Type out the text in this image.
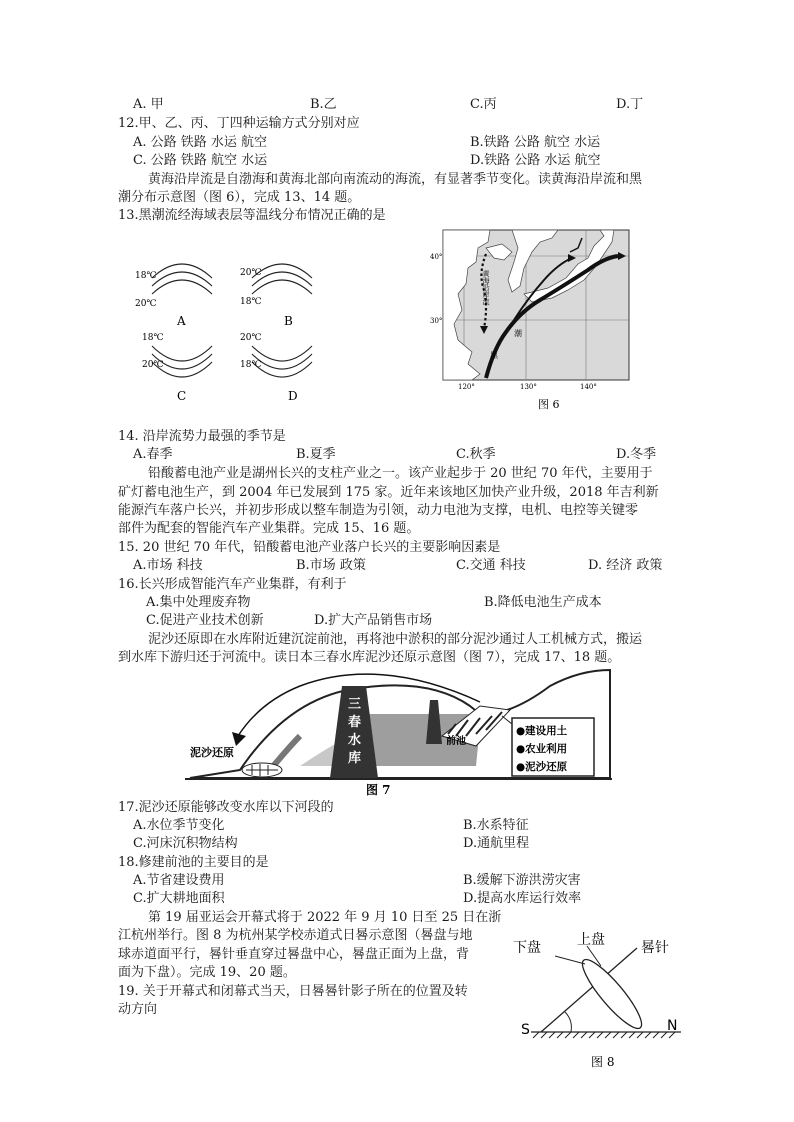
A. 甲	B.乙	C.丙	D.丁
12.甲、乙、丙、丁四种运输方式分别对应
A. 公路 铁路 水运 航空	B.铁路 公路 航空 水运
C. 公路 铁路 航空 水运	D.铁路 公路 水运 航空
黄海沿岸流是自渤海和黄海北部向南流动的海流，有显著季节变化。读黄海沿岸流和黑
潮分布示意图（图 6），完成 13、14 题。
13.黑潮流经海域表层等温线分布情况正确的是
18℃
20℃
A
20℃
18℃
B
18℃
20℃
C
20℃
18℃
D
黄海沿岸流
潮
黑
40°
30°
120°	130°	140°
图 6
14. 沿岸流势力最强的季节是
A.春季	B.夏季	C.秋季	D.冬季
铅酸蓄电池产业是湖州长兴的支柱产业之一。该产业起步于 20 世纪 70 年代，主要用于
矿灯蓄电池生产，到 2004 年已发展到 175 家。近年来该地区加快产业升级，2018 年吉利新
能源汽车落户长兴，并初步形成以整车制造为引领，动力电池为支撑，电机、电控等关键零
部件为配套的智能汽车产业集群。完成 15、16 题。
15. 20 世纪 70 年代，铅酸蓄电池产业落户长兴的主要影响因素是
A.市场 科技	B.市场 政策	C.交通 科技	D. 经济 政策
16.长兴形成智能汽车产业集群，有利于
A.集中处理废弃物	B.降低电池生产成本
C.促进产业技术创新	D.扩大产品销售市场
泥沙还原即在水库附近建沉淀前池，再将池中淤积的部分泥沙通过人工机械方式，搬运
到水库下游归还于河流中。读日本三春水库泥沙还原示意图（图 7），完成 17、18 题。
三
春
水
库
前池
泥沙还原
●建设用土
●农业利用
●泥沙还原
图 7
17.泥沙还原能够改变水库以下河段的
A.水位季节变化	B.水系特征
C.河床沉积物结构	D.通航里程
18.修建前池的主要目的是
A.节省建设费用	B.缓解下游洪涝灾害
C.扩大耕地面积	D.提高水库运行效率
第 19 届亚运会开幕式将于 2022 年 9 月 10 日至 25 日在浙
江杭州举行。图 8 为杭州某学校赤道式日晷示意图（晷盘与地
球赤道面平行，晷针垂直穿过晷盘中心，晷盘正面为上盘，背
面为下盘）。完成 19、20 题。
19. 关于开幕式和闭幕式当天，日晷晷针影子所在的位置及转
动方向
下盘	上盘	晷针
S	N
图 8
